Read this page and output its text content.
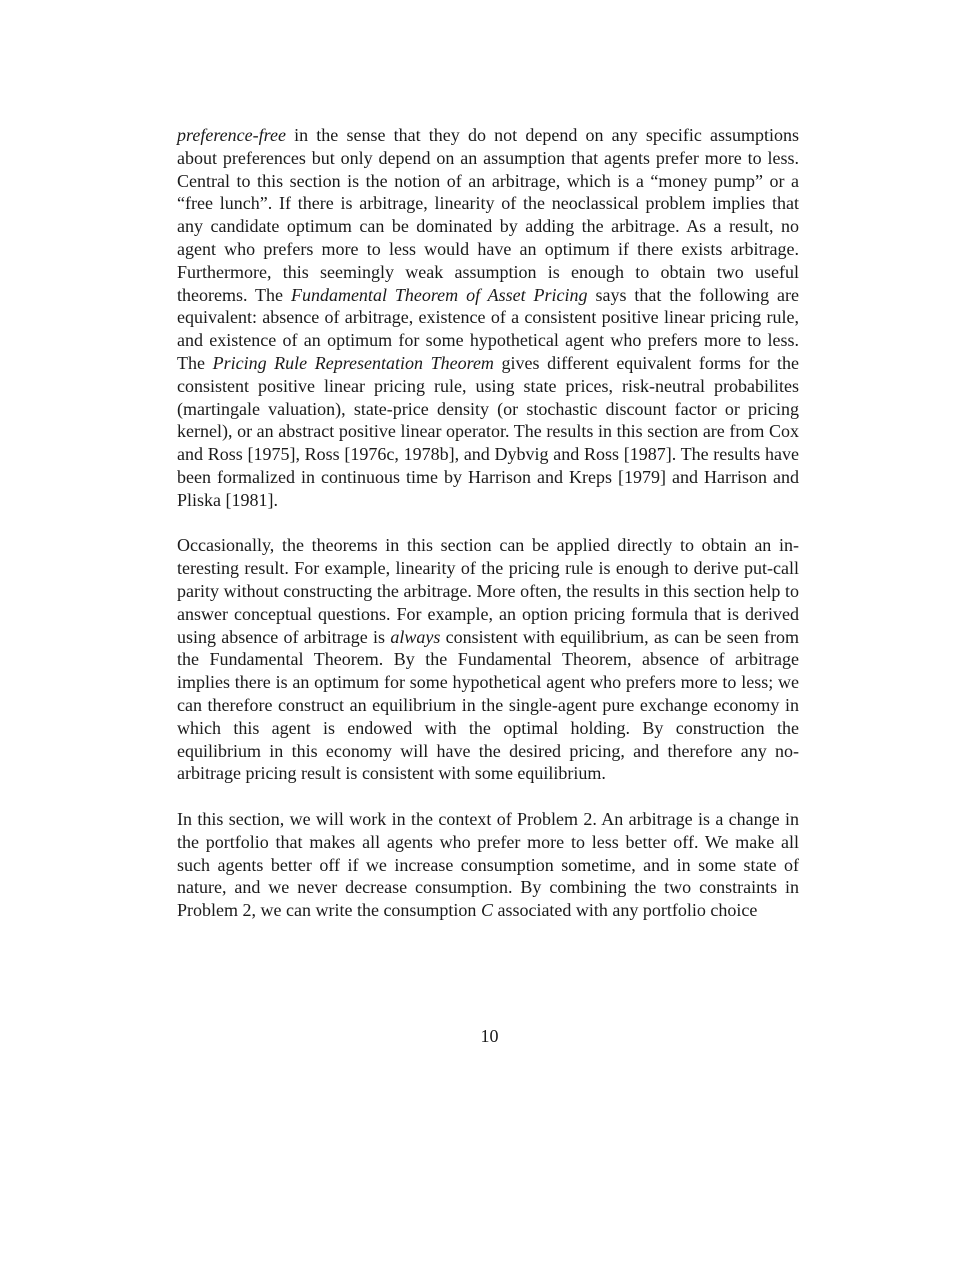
preference-free in the sense that they do not depend on any specific assumptions about preferences but only depend on an assumption that agents prefer more to less. Central to this section is the notion of an arbitrage, which is a “money pump” or a “free lunch”. If there is arbitrage, linearity of the neoclassical problem implies that any candidate optimum can be dominated by adding the arbitrage. As a result, no agent who prefers more to less would have an optimum if there exists arbitrage. Furthermore, this seemingly weak assumption is enough to obtain two useful theorems. The Fundamental Theorem of Asset Pricing says that the following are equivalent: absence of arbitrage, existence of a consistent positive linear pricing rule, and existence of an optimum for some hypothetical agent who prefers more to less. The Pricing Rule Representation Theorem gives different equivalent forms for the consistent positive linear pricing rule, using state prices, risk-neutral probabilites (martingale valuation), state-price density (or stochastic discount factor or pricing kernel), or an abstract positive linear operator. The results in this section are from Cox and Ross [1975], Ross [1976c, 1978b], and Dybvig and Ross [1987]. The results have been formalized in continuous time by Harrison and Kreps [1979] and Harrison and Pliska [1981].

Occasionally, the theorems in this section can be applied directly to obtain an interesting result. For example, linearity of the pricing rule is enough to derive put-call parity without constructing the arbitrage. More often, the results in this section help to answer conceptual questions. For example, an option pricing formula that is derived using absence of arbitrage is always consistent with equilibrium, as can be seen from the Fundamental Theorem. By the Fundamental Theorem, absence of arbitrage implies there is an optimum for some hypothetical agent who prefers more to less; we can therefore construct an equilibrium in the single-agent pure exchange economy in which this agent is endowed with the optimal holding. By construction the equilibrium in this economy will have the desired pricing, and therefore any no-arbitrage pricing result is consistent with some equilibrium.

In this section, we will work in the context of Problem 2. An arbitrage is a change in the portfolio that makes all agents who prefer more to less better off. We make all such agents better off if we increase consumption sometime, and in some state of nature, and we never decrease consumption. By combining the two constraints in Problem 2, we can write the consumption C associated with any portfolio choice

10
